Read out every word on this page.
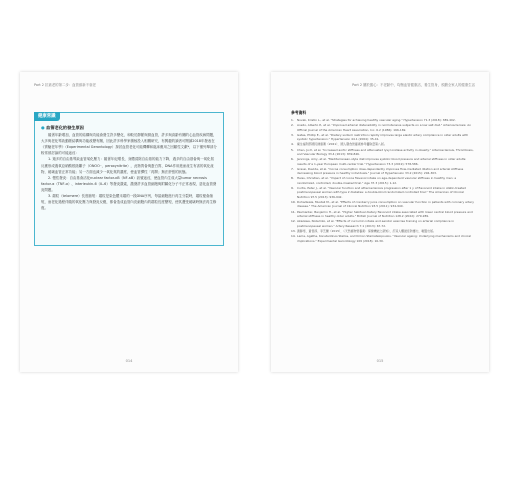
Part 2 抗衰老的第二步：血管維新不衰老
健康常識
● 血管老化的發生原因

隨著年齡增加，血管的結構與功能會發生許多變化，和較於靜脈與微血管，許多與高齡有關的心血管疾病問題，大多與老化導致動脈結構與功能改變有關，因此許多科學家積極投入相關研究，有興趣的讀者可閱讀2018年發表在《實驗老年學》（Experimental Gerontology）探討血管老化可能機轉和臨床應用之回顧性文獻*，以下僅列舉部分較常被討論的可能途徑：

1. 過多的自由基導致血管氧化壓力：隨著年紀增長，身體清除自由基的能力下降，過多的自由基會與一氧化氮反應形成過氧亞硝酸根陰離子（ONOO⁻，peroxynitrite），此物質會與蛋白質、DNA作用進而產生有害的氧化產物，破壞血管正常功能；另一方面也減少一氧化氮的濃度，使血管彈性「再開」無法舒張的狀態。

2. 慢性發炎：自由基會活化nuclear factor-κB（NF-κB）訊號途徑，使血管內生成大量tumor necrosis factor-α（TNF-α）、interleukin-6（IL-6）等發炎激素，激發許多血管細胞與附屬化分子不正常表現，惡化血管發炎問題。

3. 端粒（telomere）長度縮短：端粒是染色體末端的一段DNA序列，每當細胞進行再生分裂時，端粒便會縮短，而老化過程伴隨的氧化壓力與發炎反應，都會造成血管內皮細胞內的端粒長度變短，使其遭受破壞時無法再生修復。

014
Part 2 關於擔心：不老齡中，均衡血管健康活，養生管身，預鍛全家人的健康生活
參考資料
1. Novak, Kristin L., et al. "Strategies for achieving healthy vascular aging." Hypertension 71.3 (2018): 389-402.
2. Anello, Alberto P., et al. "Improved arterial distensibility in normotensive subjects on a low salt diet." Arteriosclerosis: An Official Journal of the American Heart Association, Inc. 6.2 (1986): 166-169.
3. Gates, Phillip E., et al. "Dietary sodium restriction rapidly improves large elastic artery compliance in older adults with systolic hypertension." Hypertension 44.1 (2004): 35-41.
4. 衛生福利部國民健康署（2021）．國人膳食營養素參考攝取量第八版。
5. Chen, Jo-Yi, et al. "Increased aortic stiffness and attenuated lysyl oxidase activity in obesity." Arteriosclerosis, Thrombosis, and Vascular Biology 33.4 (2013): 839-846.
6. Jennings, Amy, et al. "Mediterranean-style diet improves systolic blood pressure and arterial stiffness in older adults: results of a 1-year European multi-center trial." Hypertension 73.3 (2019): 578-586.
7. Grassi, Davide, et al. "Cocoa consumption dose-dependently improves flow-mediated dilation and arterial stiffness decreasing blood pressure in healthy individuals." Journal of Hypertension 33.2 (2015): 294-303.
8. Heiss, Christian, et al. "Impact of cocoa flavanol intake on age-dependent vascular stiffness in healthy men: a randomized, controlled, double-masked trial." Age 37.3 (2015): 1-12.
9. Curtis, Peter J., et al. "Vascular function and atherosclerosis progression after 1 y of flavonoid intake in statin-treated postmenopausal women with type 2 diabetes: a double-blind randomized controlled trial." The American of Clinical Nutrition 97.5 (2013): 936-942.
10. Dohadwala, Mustali M., et al. "Effects of cranberry juice consumption on vascular function in patients with coronary artery disease." The American Journal of Clinical Nutrition 93.5 (2011): 934-940.
11. Pasmanter, Benjamin H., et al. "Higher habitual dietary flavonoid intake associated with lower central blood pressure and arterial stiffness in healthy older adults." British Journal of Nutrition 128.2 (2022): 279-289.
12. Akazawa, Nobuhiko, et al. "Effects of curcumin intake and aerobic exercise training on arterial compliance in postmenopausal women." Artery Research 7.1 (2013): 67-72.
13. 黃靜雯、黃書淳、李芝蘭（2015）．《天然植物營養素：保健機能之新知》，打造人體最佳防護力，輕醫出版。
14. Lama, Agathe, Konstantinos Stellos, and Kimon Stamatelopoulos. "Vascular ageing: Underlying mechanisms and clinical implications." Experimental Gerontology 109 (2018): 16-30.
015
